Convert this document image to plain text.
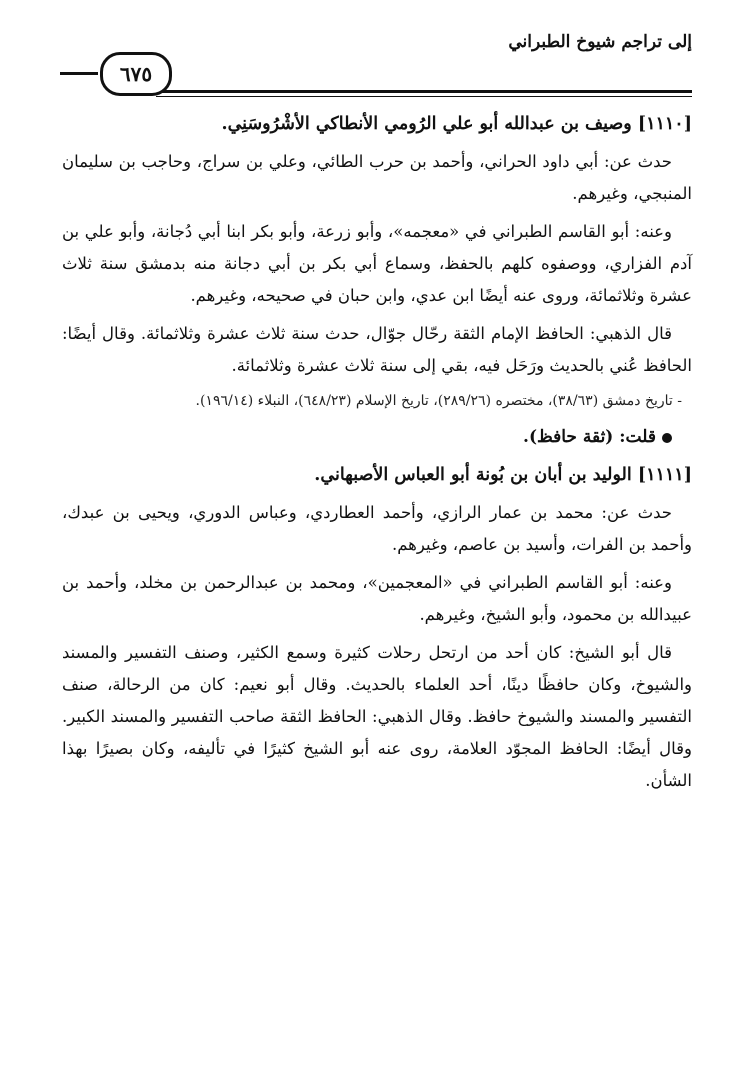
إلى تراجم شيوخ الطبراني
٦٧٥
[١١١٠] وصيف بن عبدالله أبو علي الرُومي الأنطاكي الأشْرُوسَنِي.

حدث عن: أبي داود الحراني، وأحمد بن حرب الطائي، وعلي بن سراج، وحاجب بن سليمان المنبجي، وغيرهم.

وعنه: أبو القاسم الطبراني في «معجمه»، وأبو زرعة، وأبو بكر ابنا أبي دُجانة، وأبو علي بن آدم الفزاري، ووصفوه كلهم بالحفظ، وسماع أبي بكر بن أبي دجانة منه بدمشق سنة ثلاث عشرة وثلاثمائة، وروى عنه أيضًا ابن عدي، وابن حبان في صحيحه، وغيرهم.

قال الذهبي: الحافظ الإمام الثقة رحّال جوّال، حدث سنة ثلاث عشرة وثلاثمائة. وقال أيضًا: الحافظ عُني بالحديث ورَحَل فيه، بقي إلى سنة ثلاث عشرة وثلاثمائة.

- تاريخ دمشق (٣٨/٦٣)، مختصره (٢٨٩/٢٦)، تاريخ الإسلام (٦٤٨/٢٣)، النبلاء (١٩٦/١٤).

قلت: (ثقة حافظ).
[١١١١] الوليد بن أبان بن بُونة أبو العباس الأصبهاني.

حدث عن: محمد بن عمار الرازي، وأحمد العطاردي، وعباس الدوري، ويحيى بن عبدك، وأحمد بن الفرات، وأسيد بن عاصم، وغيرهم.

وعنه: أبو القاسم الطبراني في «المعجمين»، ومحمد بن عبدالرحمن بن مخلد، وأحمد بن عبيدالله بن محمود، وأبو الشيخ، وغيرهم.

قال أبو الشيخ: كان أحد من ارتحل رحلات كثيرة وسمع الكثير، وصنف التفسير والمسند والشيوخ، وكان حافظًا دينًا، أحد العلماء بالحديث. وقال أبو نعيم: كان من الرحالة، صنف التفسير والمسند والشيوخ حافظ. وقال الذهبي: الحافظ الثقة صاحب التفسير والمسند الكبير. وقال أيضًا: الحافظ المجوّد العلامة، روى عنه أبو الشيخ كثيرًا في تأليفه، وكان بصيرًا بهذا الشأن.
